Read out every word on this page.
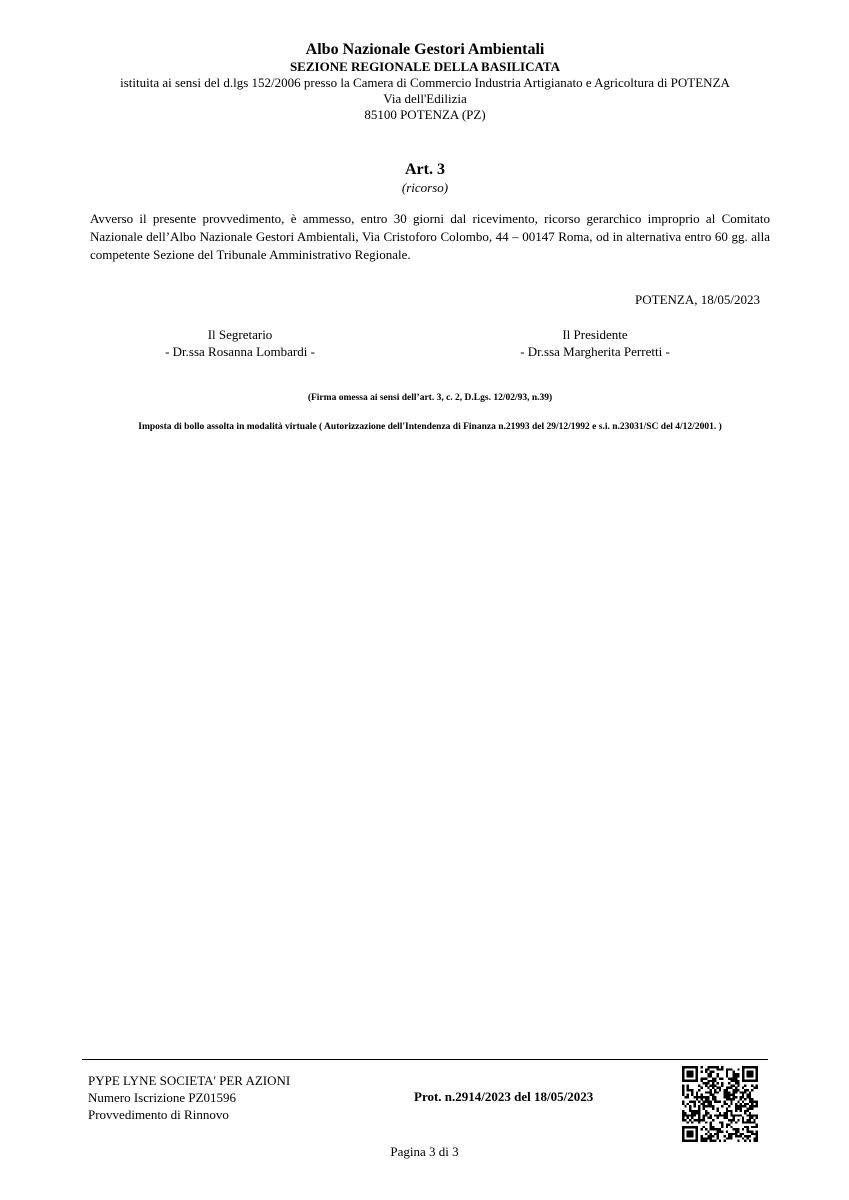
Albo Nazionale Gestori Ambientali
SEZIONE REGIONALE DELLA BASILICATA
istituita ai sensi del d.lgs 152/2006 presso la Camera di Commercio Industria Artigianato e Agricoltura di POTENZA
Via dell'Edilizia
85100 POTENZA (PZ)
Art. 3
(ricorso)
Avverso il presente provvedimento, è ammesso, entro 30 giorni dal ricevimento, ricorso gerarchico improprio al Comitato Nazionale dell’Albo Nazionale Gestori Ambientali, Via Cristoforo Colombo, 44 – 00147 Roma, od in alternativa entro 60 gg. alla competente Sezione del Tribunale Amministrativo Regionale.
POTENZA, 18/05/2023
Il Segretario
- Dr.ssa Rosanna Lombardi -
Il Presidente
- Dr.ssa Margherita Perretti -
(Firma omessa ai sensi dell’art. 3, c. 2, D.Lgs. 12/02/93, n.39)
Imposta di bollo assolta in modalità virtuale ( Autorizzazione dell'Intendenza di Finanza n.21993 del 29/12/1992 e s.i. n.23031/SC del 4/12/2001. )
PYPE LYNE SOCIETA' PER AZIONI
Numero Iscrizione PZ01596
Provvedimento di Rinnovo
Prot. n.2914/2023 del 18/05/2023
Pagina 3 di 3
